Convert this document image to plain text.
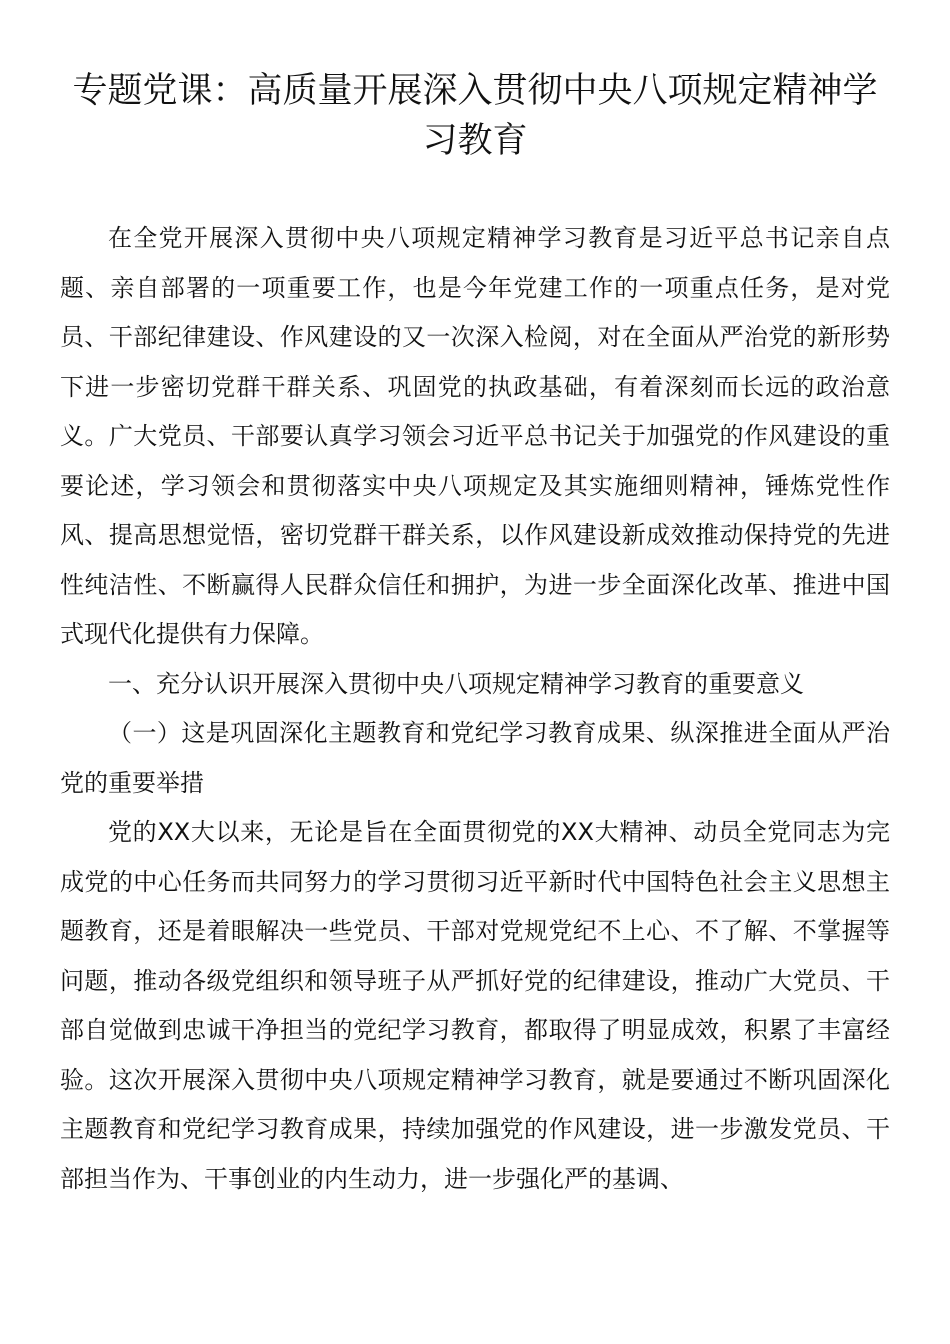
专题党课：高质量开展深入贯彻中央八项规定精神学习教育

在全党开展深入贯彻中央八项规定精神学习教育是习近平总书记亲自点题、亲自部署的一项重要工作，也是今年党建工作的一项重点任务，是对党员、干部纪律建设、作风建设的又一次深入检阅，对在全面从严治党的新形势下进一步密切党群干群关系、巩固党的执政基础，有着深刻而长远的政治意义。广大党员、干部要认真学习领会习近平总书记关于加强党的作风建设的重要论述，学习领会和贯彻落实中央八项规定及其实施细则精神，锤炼党性作风、提高思想觉悟，密切党群干群关系，以作风建设新成效推动保持党的先进性纯洁性、不断赢得人民群众信任和拥护，为进一步全面深化改革、推进中国式现代化提供有力保障。

一、充分认识开展深入贯彻中央八项规定精神学习教育的重要意义

（一）这是巩固深化主题教育和党纪学习教育成果、纵深推进全面从严治党的重要举措

党的XX大以来，无论是旨在全面贯彻党的XX大精神、动员全党同志为完成党的中心任务而共同努力的学习贯彻习近平新时代中国特色社会主义思想主题教育，还是着眼解决一些党员、干部对党规党纪不上心、不了解、不掌握等问题，推动各级党组织和领导班子从严抓好党的纪律建设，推动广大党员、干部自觉做到忠诚干净担当的党纪学习教育，都取得了明显成效，积累了丰富经验。这次开展深入贯彻中央八项规定精神学习教育，就是要通过不断巩固深化主题教育和党纪学习教育成果，持续加强党的作风建设，进一步激发党员、干部担当作为、干事创业的内生动力，进一步强化严的基调、
